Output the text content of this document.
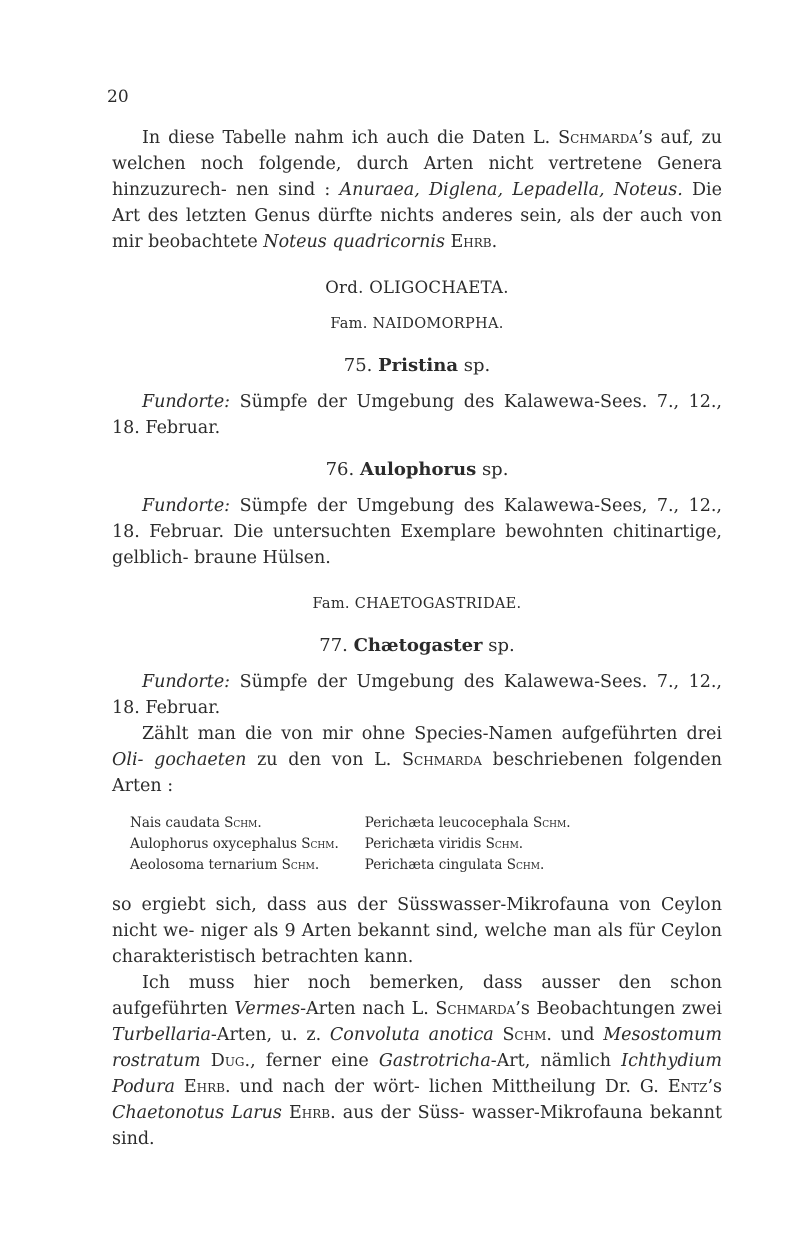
20

In diese Tabelle nahm ich auch die Daten L. Schmarda’s auf, zu welchen noch folgende, durch Arten nicht vertretene Genera hinzuzurech- nen sind : Anuraea, Diglena, Lepadella, Noteus. Die Art des letzten Genus dürfte nichts anderes sein, als der auch von mir beobachtete Noteus quadricornis Ehrb.

Ord. OLIGOCHAETA.

Fam. NAIDOMORPHA.

75. Pristina sp.

Fundorte: Sümpfe der Umgebung des Kalawewa-Sees. 7., 12., 18. Februar.

76. Aulophorus sp.

Fundorte: Sümpfe der Umgebung des Kalawewa-Sees, 7., 12., 18. Februar. Die untersuchten Exemplare bewohnten chitinartige, gelblich- braune Hülsen.

Fam. CHAETOGASTRIDAE.

77. Chætogaster sp.

Fundorte: Sümpfe der Umgebung des Kalawewa-Sees. 7., 12., 18. Februar.

Zählt man die von mir ohne Species-Namen aufgeführten drei Oli- gochaeten zu den von L. Schmarda beschriebenen folgenden Arten :

Nais caudata Schm.	Perichæta leucocephala Schm.
Aulophorus oxycephalus Schm.	Perichæta viridis Schm.
Aeolosoma ternarium Schm.	Perichæta cingulata Schm.

so ergiebt sich, dass aus der Süsswasser-Mikrofauna von Ceylon nicht we- niger als 9 Arten bekannt sind, welche man als für Ceylon charakteristisch betrachten kann.

Ich muss hier noch bemerken, dass ausser den schon aufgeführten Vermes-Arten nach L. Schmarda’s Beobachtungen zwei Turbellaria-Arten, u. z. Convoluta anotica Schm. und Mesostomum rostratum Dug., ferner eine Gastrotricha-Art, nämlich Ichthydium Podura Ehrb. und nach der wört- lichen Mittheilung Dr. G. Entz’s Chaetonotus Larus Ehrb. aus der Süss- wasser-Mikrofauna bekannt sind.
